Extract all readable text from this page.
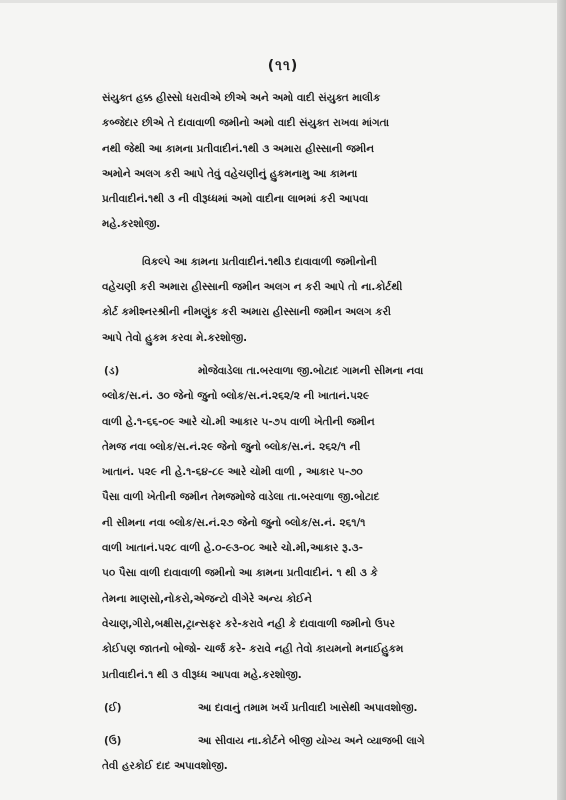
(૧૧)
સંયુક્ત હક્ક હીસ્સો ધરાવીએ છીએ અને અમો વાદી સંયુક્ત માલીક
કબ્જેદાર છીએ તે દાવાવાળી જમીનો અમો વાદી સંયુક્ત રાખવા માંગતા
નથી જેથી આ કામના પ્રતીવાદીનં.૧થી ૩ અમારા હીસ્સાની જમીન
અમોને અલગ કરી આપે તેવું વહેચણીનું હુકમનામુ આ કામના
પ્રતીવાદીનં.૧થી ૩ ની વીરૂધ્ધમાં અમો વાદીના લાભમાં કરી આપવા
મહે.કરશોજી.
વિકલ્પે આ કામના પ્રતીવાદીનં.૧થી૩ દાવાવાળી જમીનોની
વહેચણી કરી અમારા હીસ્સાની જમીન અલગ ન કરી આપે તો ના.કોર્ટથી
કોર્ટ કમીશ્નરશ્રીની નીમણુંક કરી અમારા હીસ્સાની જમીન અલગ કરી
આપે તેવો હુકમ કરવા મે.કરશોજી.
(ડ)	મોજેવાડેલા તા.બરવાળા જી.બોટાદ ગામની સીમના નવા
બ્લોક/સ.નં. ૩૦ જેનો જુનો બ્લોક/સ.નં.૨૬૨/૨ ની ખાતાનં.૫૨૯
વાળી હે.૧-૬૬-૦૯ આરે ચો.મી આકાર ૫-૭૫ વાળી ખેતીની જમીન
તેમજ નવા બ્લોક/સ.નં.૨૯ જેનો જુનો બ્લોક/સ.નં. ૨૬૨/૧ ની
ખાતાનં. ૫૨૯ ની હે.૧-૬૪-૮૯ આરે ચોમી વાળી , આકાર ૫-૭૦
પૈસા વાળી ખેતીની જમીન તેમજમોજે વાડેલા તા.બરવાળા જી.બોટાદ
ની સીમના નવા બ્લોક/સ.નં.૨૭ જેનો જુનો બ્લોક/સ.નં. ૨૬૧/૧
વાળી ખાતાનં.૫૨૮ વાળી હે.૦-૯૩-૦૮ આરે ચો.મી,આકાર રૂ.૩-
૫૦ પૈસા વાળી દાવાવાળી જમીનો આ કામના પ્રતીવાદીનં. ૧ થી ૩ કે
તેમના માણસો,નોકરો,એજન્ટો વીગેરે અન્ય કોઈને
વેચાણ,ગીરો,બક્ષીસ,ટ્રાન્સફર કરે-કરાવે નહી કે દાવાવાળી જમીનો ઉપર
કોઈપણ જાતનો બોજો- ચાર્જ કરે- કરાવે નહી તેવો કાયમનો મનાઈહુકમ
પ્રતીવાદીનં.૧ થી ૩ વીરૂધ્ધ આપવા મહે.કરશોજી.
(ઈ)	આ દાવાનું તમામ ખર્ચ પ્રતીવાદી ખાસેથી અપાવશોજી.
(ઉ)	આ સીવાય ના.કોર્ટને બીજી યોગ્ય અને વ્યાજબી લાગે
તેવી હરકોઈ દાદ અપાવશોજી.
